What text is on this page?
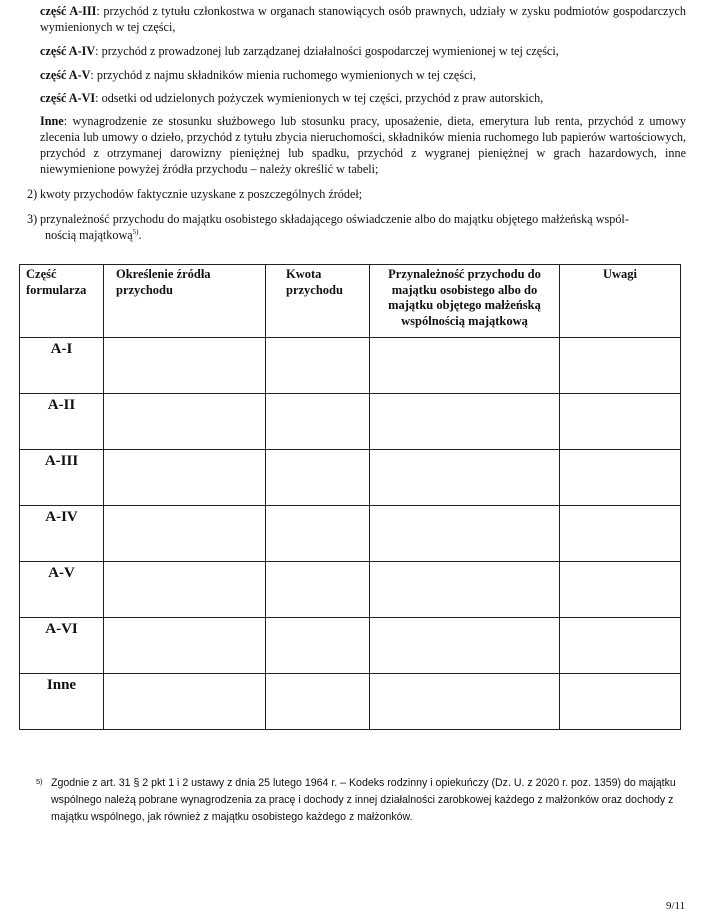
część A-III: przychód z tytułu członkostwa w organach stanowiących osób prawnych, udziały w zysku podmiotów gospodarczych wymienionych w tej części,
część A-IV: przychód z prowadzonej lub zarządzanej działalności gospodarczej wymienionej w tej części,
część A-V: przychód z najmu składników mienia ruchomego wymienionych w tej części,
część A-VI: odsetki od udzielonych pożyczek wymienionych w tej części, przychód z praw autorskich,
Inne: wynagrodzenie ze stosunku służbowego lub stosunku pracy, uposażenie, dieta, emerytura lub renta, przychód z umowy zlecenia lub umowy o dzieło, przychód z tytułu zbycia nieruchomości, składników mienia ruchomego lub papierów wartościowych, przychód z otrzymanej darowizny pieniężnej lub spadku, przychód z wygranej pieniężnej w grach hazardowych, inne niewymienione powyżej źródła przychodu – należy określić w tabeli;
2) kwoty przychodów faktycznie uzyskane z poszczególnych źródeł;
3) przynależność przychodu do majątku osobistego składającego oświadczenie albo do majątku objętego małżeńską wspól-
nością majątkową$^{5)}$.
Część formularza	Określenie źródła przychodu	Kwota przychodu	Przynależność przychodu do majątku osobistego albo do majątku objętego małżeńską wspólnością majątkową	Uwagi

A-I				

A-II				

A-III				

A-IV				

A-V				

A-VI				

Inne				

5) Zgodnie z art. 31 § 2 pkt 1 i 2 ustawy z dnia 25 lutego 1964 r. – Kodeks rodzinny i opiekuńczy (Dz. U. z 2020 r. poz. 1359) do majątku wspólnego należą pobrane wynagrodzenia za pracę i dochody z innej działalności zarobkowej każdego z małżonków oraz dochody z majątku wspólnego, jak również z majątku osobistego każdego z małżonków.
9/11
